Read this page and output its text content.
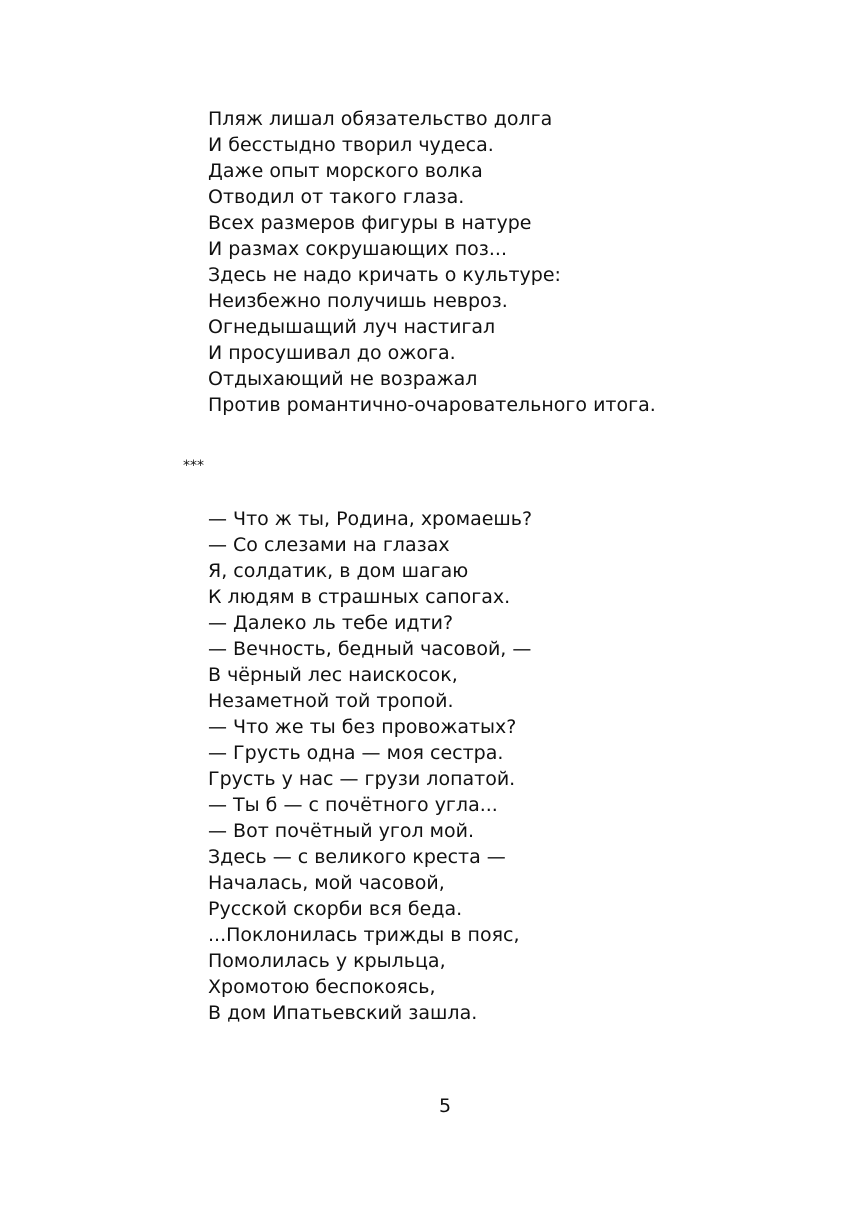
Пляж лишал обязательство долга
И бесстыдно творил чудеса.
Даже опыт морского волка
Отводил от такого глаза.
Всех размеров фигуры в натуре
И размах сокрушающих поз...
Здесь не надо кричать о культуре:
Неизбежно получишь невроз.
Огнедышащий луч настигал
И просушивал до ожога.
Отдыхающий не возражал
Против романтично-очаровательного итога.
***
— Что ж ты, Родина, хромаешь?
— Со слезами на глазах
Я, солдатик, в дом шагаю
К людям в страшных сапогах.
— Далеко ль тебе идти?
— Вечность, бедный часовой, —
В чёрный лес наискосок,
Незаметной той тропой.
— Что же ты без провожатых?
— Грусть одна — моя сестра.
Грусть у нас — грузи лопатой.
— Ты б — с почётного угла...
— Вот почётный угол мой.
Здесь — с великого креста —
Началась, мой часовой,
Русской скорби вся беда.
...Поклонилась трижды в пояс,
Помолилась у крыльца,
Хромотою беспокоясь,
В дом Ипатьевский зашла.
5
